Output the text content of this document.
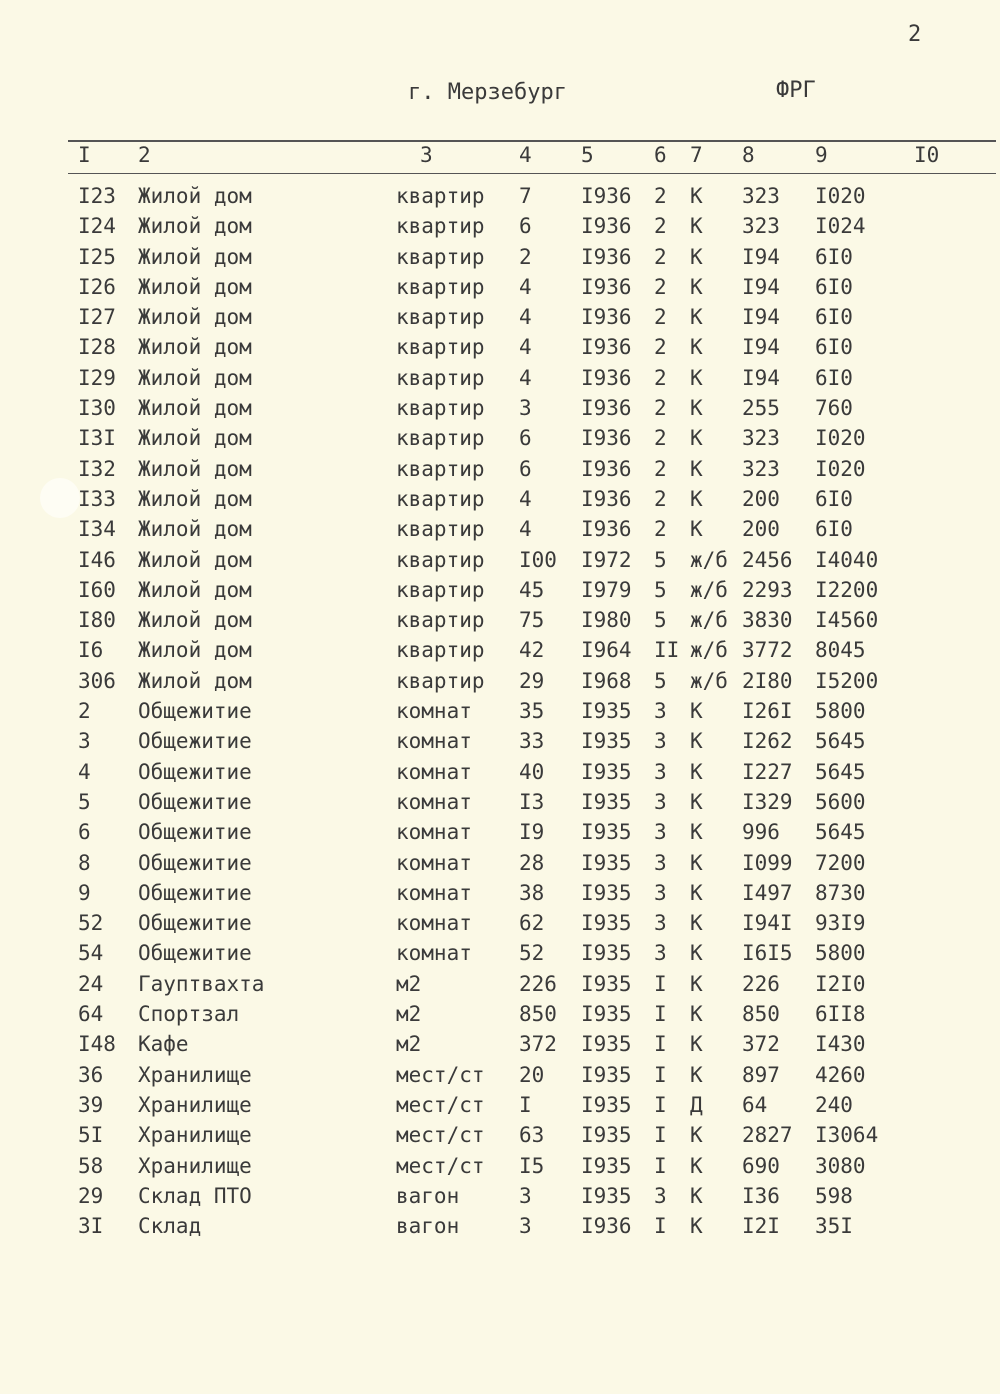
2
г. Мерзебург	ФРГ
I 2	3	4 5	6 7 8	9	I0
I23 Жилой дом	квартир 7 I936 2 К 323 I020
I24 Жилой дом	квартир 6 I936 2 К 323 I024
I25 Жилой дом	квартир 2 I936 2 К I94 6I0
I26 Жилой дом	квартир 4 I936 2 К I94 6I0
I27 Жилой дом	квартир 4 I936 2 К I94 6I0
I28 Жилой дом	квартир 4 I936 2 К I94 6I0
I29 Жилой дом	квартир 4 I936 2 К I94 6I0
I30 Жилой дом	квартир 3 I936 2 К 255 760
I3I Жилой дом	квартир 6 I936 2 К 323 I020
I32 Жилой дом	квартир 6 I936 2 К 323 I020
I33 Жилой дом	квартир 4 I936 2 К 200 6I0
I34 Жилой дом	квартир 4 I936 2 К 200 6I0
I46 Жилой дом	квартир I00 I972 5 ж/б 2456 I4040
I60 Жилой дом	квартир 45 I979 5 ж/б 2293 I2200
I80 Жилой дом	квартир 75 I980 5 ж/б 3830 I4560
I6 Жилой дом	квартир 42 I964 II ж/б 3772 8045
306 Жилой дом	квартир 29 I968 5 ж/б 2I80 I5200
2 Общежитие	комнат 35 I935 3 К I26I 5800
3 Общежитие	комнат 33 I935 3 К I262 5645
4 Общежитие	комнат 40 I935 3 К I227 5645
5 Общежитие	комнат I3 I935 3 К I329 5600
6 Общежитие	комнат I9 I935 3 К 996 5645
8 Общежитие	комнат 28 I935 3 К I099 7200
9 Общежитие	комнат 38 I935 3 К I497 8730
52 Общежитие	комнат 62 I935 3 К I94I 93I9
54 Общежитие	комнат 52 I935 3 К I6I5 5800
24 Гауптвахта	м2	226 I935 I К 226 I2I0
64 Спортзал	м2	850 I935 I К 850 6II8
I48 Кафе	м2	372 I935 I К 372 I430
36 Хранилище	мест/ст 20 I935 I К 897 4260
39 Хранилище	мест/ст I I935 I Д 64 240
5I Хранилище	мест/ст 63 I935 I К 2827 I3064
58 Хранилище	мест/ст I5 I935 I К 690 3080
29 Склад ПТО	вагон	3 I935 3 К I36 598
3I Склад	вагон	3 I936 I К I2I 35I
